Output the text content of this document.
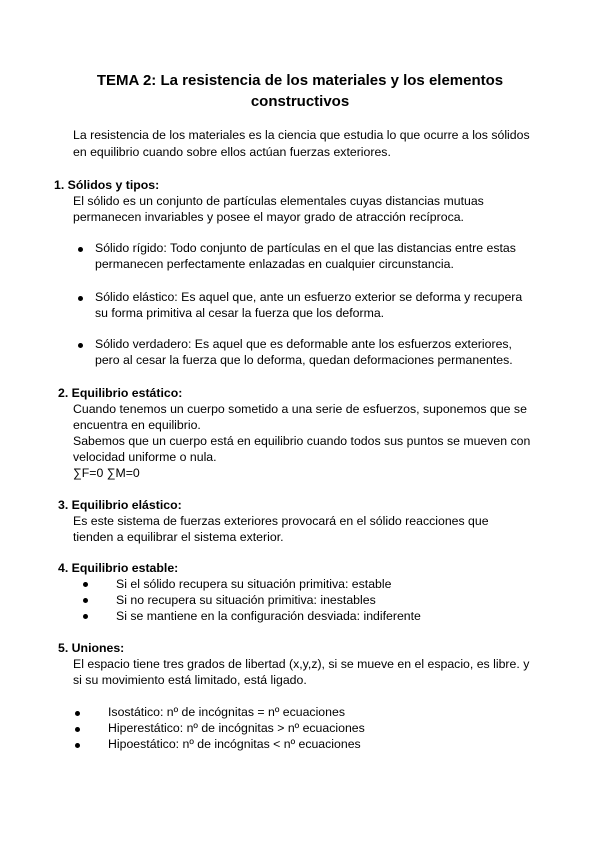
TEMA 2: La resistencia de los materiales y los elementos
constructivos
La resistencia de los materiales es la ciencia que estudia lo que ocurre a los sólidos
en equilibrio cuando sobre ellos actúan fuerzas exteriores.
1. Sólidos y tipos:
El sólido es un conjunto de partículas elementales cuyas distancias mutuas
permanecen invariables y posee el mayor grado de atracción recíproca.
Sólido rígido: Todo conjunto de partículas en el que las distancias entre estas
permanecen perfectamente enlazadas en cualquier circunstancia.
Sólido elástico: Es aquel que, ante un esfuerzo exterior se deforma y recupera
su forma primitiva al cesar la fuerza que los deforma.
Sólido verdadero: Es aquel que es deformable ante los esfuerzos exteriores,
pero al cesar la fuerza que lo deforma, quedan deformaciones permanentes.
2. Equilibrio estático:
Cuando tenemos un cuerpo sometido a una serie de esfuerzos, suponemos que se
encuentra en equilibrio.
Sabemos que un cuerpo está en equilibrio cuando todos sus puntos se mueven con
velocidad uniforme o nula.
∑F=0 ∑M=0
3. Equilibrio elástico:
Es este sistema de fuerzas exteriores provocará en el sólido reacciones que
tienden a equilibrar el sistema exterior.
4. Equilibrio estable:
Si el sólido recupera su situación primitiva: estable
Si no recupera su situación primitiva: inestables
Si se mantiene en la configuración desviada: indiferente
5. Uniones:
El espacio tiene tres grados de libertad (x,y,z), si se mueve en el espacio, es libre. y
si su movimiento está limitado, está ligado.
Isostático: nº de incógnitas = nº ecuaciones
Hiperestático: nº de incógnitas > nº ecuaciones
Hipoestático: nº de incógnitas < nº ecuaciones
